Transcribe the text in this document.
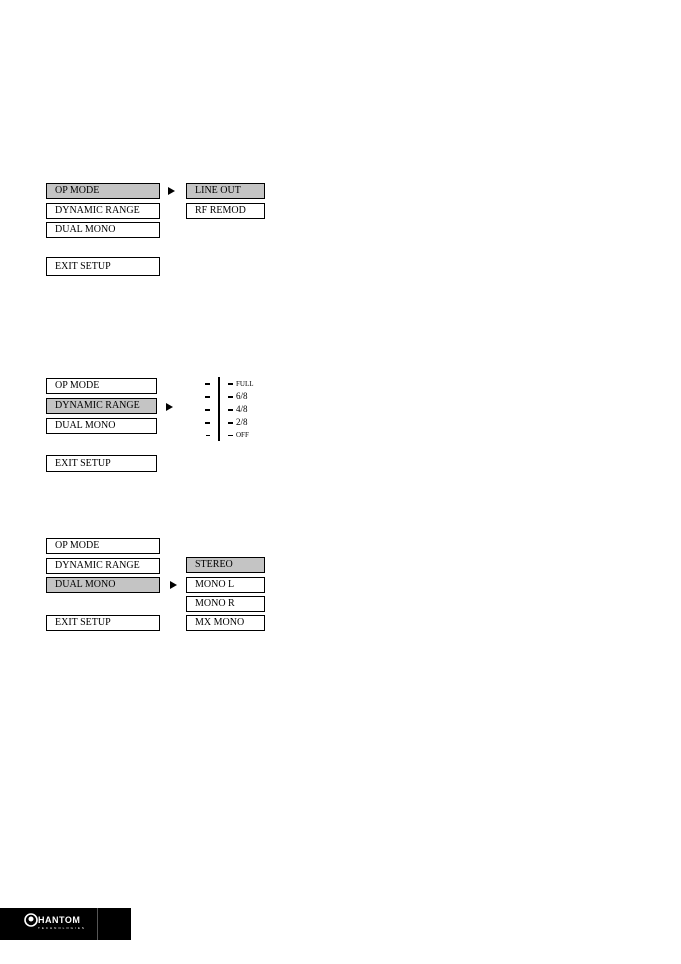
OP MODE
DYNAMIC RANGE
DUAL MONO
EXIT SETUP
LINE OUT
RF REMOD
OP MODE
DYNAMIC RANGE
DUAL MONO
EXIT SETUP
FULL
6/8
4/8
2/8
OFF
OP MODE
DYNAMIC RANGE
DUAL MONO
EXIT SETUP
STEREO
MONO L
MONO R
MX MONO
HANTOM
TECHNOLOGIES
